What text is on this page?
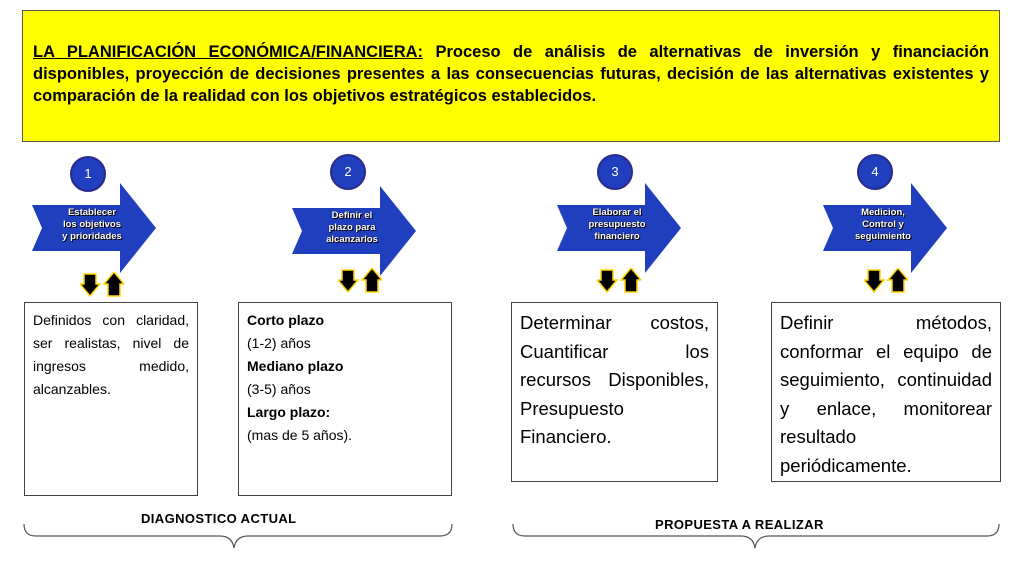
LA PLANIFICACIÓN ECONÓMICA/FINANCIERA: Proceso de análisis de alternativas de inversión y financiación disponibles, proyección de decisiones presentes a las consecuencias futuras, decisión de las alternativas existentes y comparación de la realidad con los objetivos estratégicos establecidos.
1
Establecer
los objetivos
y prioridades
2
Definir el
plazo para
alcanzarlos
3
Elaborar el
presupuesto
financiero
4
Medicion,
Control y
seguimiento
Definidos con claridad, ser realistas, nivel de ingresos medido, alcanzables.
Corto plazo
(1-2) años
Mediano plazo
(3-5) años
Largo plazo:
(mas de 5 años).
Determinar costos, Cuantificar los recursos Disponibles, Presupuesto Financiero.
Definir métodos, conformar el equipo de seguimiento, continuidad y enlace, monitorear resultado periódicamente.
DIAGNOSTICO ACTUAL	PROPUESTA A REALIZAR
